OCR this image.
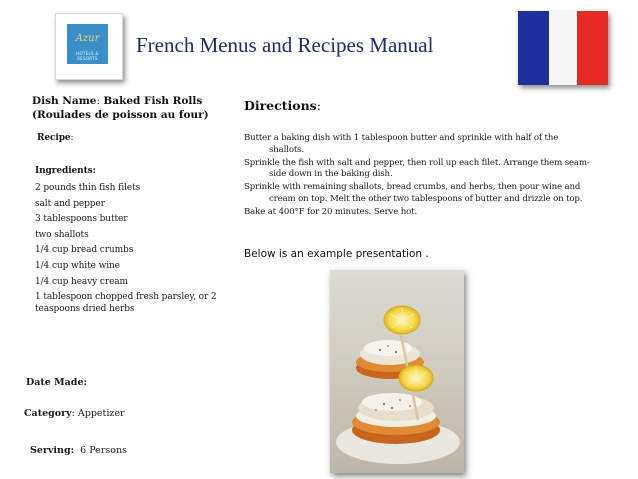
Azur
HOTELS & RESORTS
French Menus and Recipes Manual
Dish Name: Baked Fish Rolls
(Roulades de poisson au four)
Directions:
Recipe:
Ingredients:
2 pounds thin fish filets
salt and pepper
3 tablespoons butter
two shallots
1/4 cup bread crumbs
1/4 cup white wine
1/4 cup heavy cream
1 tablespoon chopped fresh parsley, or 2 teaspoons dried herbs
Butter a baking dish with 1 tablespoon butter and sprinkle with half of the shallots.
Sprinkle the fish with salt and pepper, then roll up each filet. Arrange them seam-side down in the baking dish.
Sprinkle with remaining shallots, bread crumbs, and herbs, then pour wine and cream on top. Melt the other two tablespoons of butter and drizzle on top.
Bake at 400°F for 20 minutes. Serve hot.
Below is an example presentation .
Date Made:
Category: Appetizer
Serving: 6 Persons
